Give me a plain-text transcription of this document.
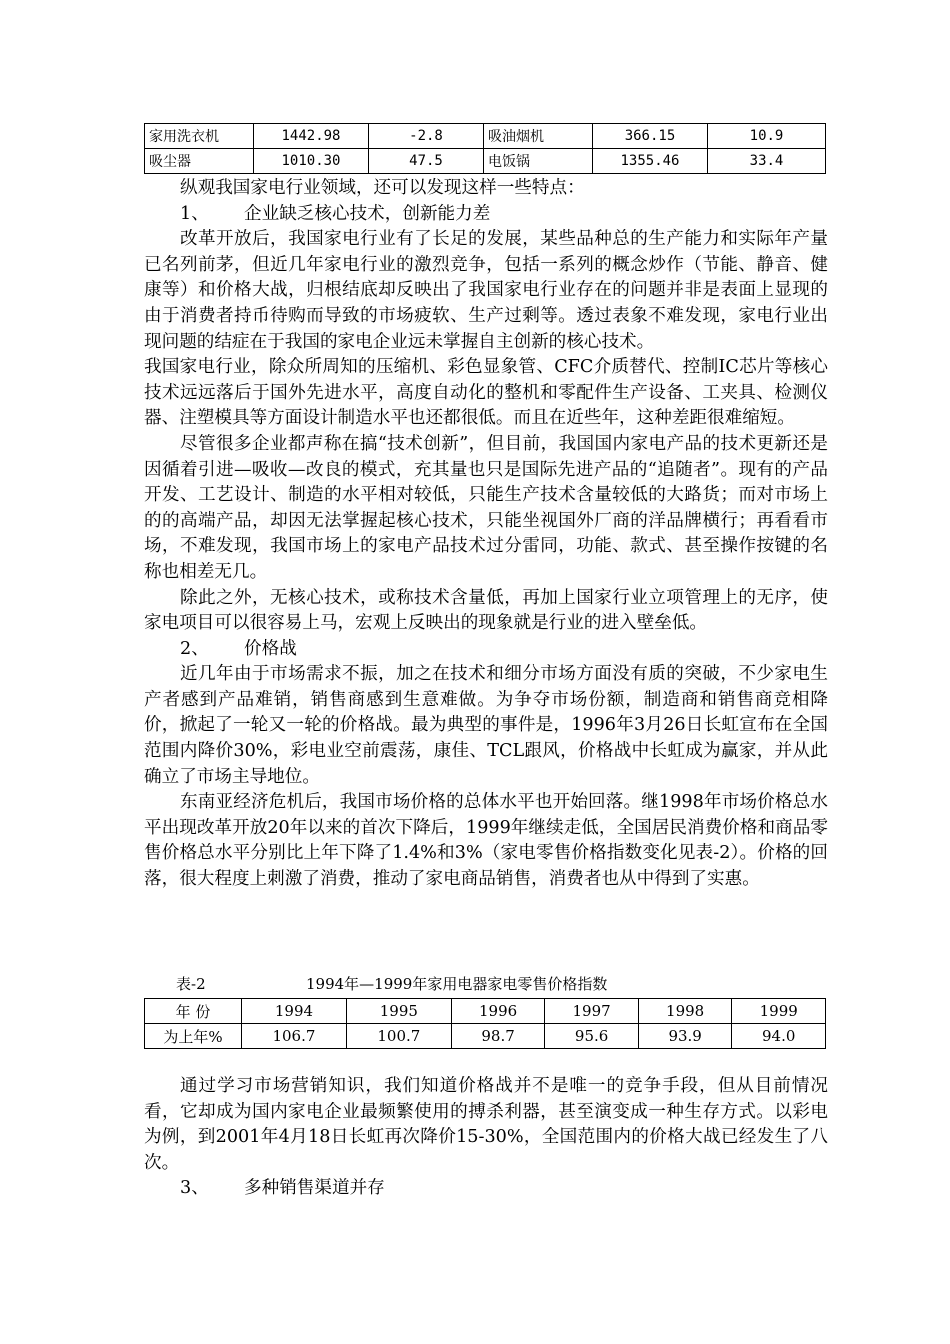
家用洗衣机	1442.98	-2.8	吸油烟机	366.15	10.9
吸尘器	1010.30	47.5	电饭锅	1355.46	33.4

纵观我国家电行业领域，还可以发现这样一些特点：

1、 企业缺乏核心技术，创新能力差

改革开放后，我国家电行业有了长足的发展，某些品种总的生产能力和实际年产量已名列前茅，但近几年家电行业的激烈竞争，包括一系列的概念炒作（节能、静音、健康等）和价格大战，归根结底却反映出了我国家电行业存在的问题并非是表面上显现的由于消费者持币待购而导致的市场疲软、生产过剩等。透过表象不难发现，家电行业出现问题的结症在于我国的家电企业远未掌握自主创新的核心技术。

我国家电行业，除众所周知的压缩机、彩色显象管、CFC介质替代、控制IC芯片等核心技术远远落后于国外先进水平，高度自动化的整机和零配件生产设备、工夹具、检测仪器、注塑模具等方面设计制造水平也还都很低。而且在近些年，这种差距很难缩短。

尽管很多企业都声称在搞“技术创新”，但目前，我国国内家电产品的技术更新还是因循着引进—吸收—改良的模式，充其量也只是国际先进产品的“追随者”。现有的产品开发、工艺设计、制造的水平相对较低，只能生产技术含量较低的大路货；而对市场上的的高端产品，却因无法掌握起核心技术，只能坐视国外厂商的洋品牌横行；再看看市场，不难发现，我国市场上的家电产品技术过分雷同，功能、款式、甚至操作按键的名称也相差无几。

除此之外，无核心技术，或称技术含量低，再加上国家行业立项管理上的无序，使家电项目可以很容易上马，宏观上反映出的现象就是行业的进入壁垒低。

2、 价格战

近几年由于市场需求不振，加之在技术和细分市场方面没有质的突破，不少家电生产者感到产品难销，销售商感到生意难做。为争夺市场份额，制造商和销售商竞相降价，掀起了一轮又一轮的价格战。最为典型的事件是，1996年3月26日长虹宣布在全国范围内降价30%，彩电业空前震荡，康佳、TCL跟风，价格战中长虹成为赢家，并从此确立了市场主导地位。

东南亚经济危机后，我国市场价格的总体水平也开始回落。继1998年市场价格总水平出现改革开放20年以来的首次下降后，1999年继续走低，全国居民消费价格和商品零售价格总水平分别比上年下降了1.4%和3%（家电零售价格指数变化见表-2）。价格的回落，很大程度上刺激了消费，推动了家电商品销售，消费者也从中得到了实惠。

表-2	1994年—1999年家用电器家电零售价格指数
年 份	1994	1995	1996	1997	1998	1999
为上年%	106.7	100.7	98.7	95.6	93.9	94.0

通过学习市场营销知识，我们知道价格战并不是唯一的竞争手段，但从目前情况看，它却成为国内家电企业最频繁使用的搏杀利器，甚至演变成一种生存方式。以彩电为例，到2001年4月18日长虹再次降价15-30%，全国范围内的价格大战已经发生了八次。

3、 多种销售渠道并存
